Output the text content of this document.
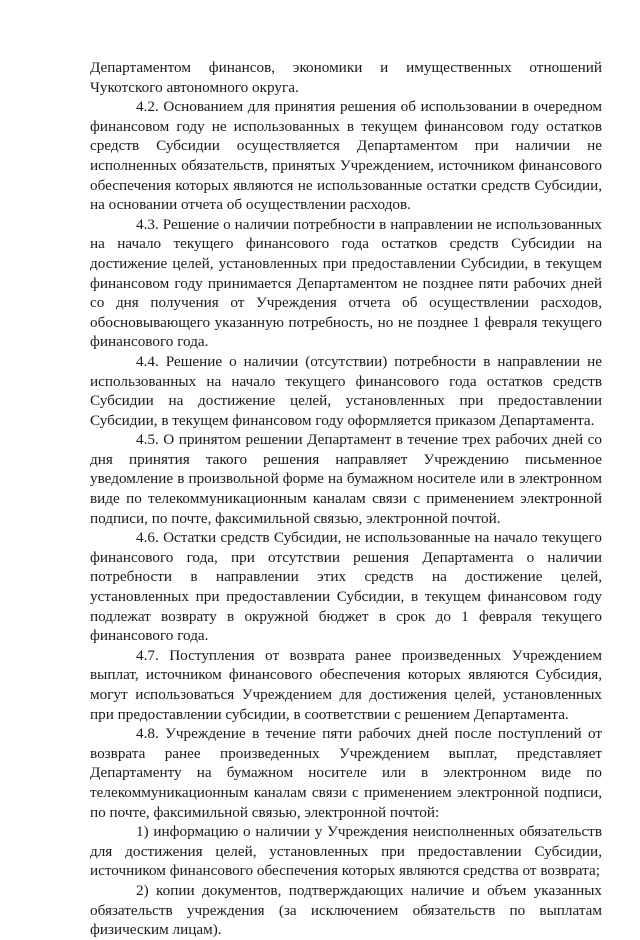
Департаментом финансов, экономики и имущественных отношений Чукотского автономного округа.

4.2. Основанием для принятия решения об использовании в очередном финансовом году не использованных в текущем финансовом году остатков средств Субсидии осуществляется Департаментом при наличии не исполненных обязательств, принятых Учреждением, источником финансового обеспечения которых являются не использованные остатки средств Субсидии, на основании отчета об осуществлении расходов.

4.3. Решение о наличии потребности в направлении не использованных на начало текущего финансового года остатков средств Субсидии на достижение целей, установленных при предоставлении Субсидии, в текущем финансовом году принимается Департаментом не позднее пяти рабочих дней со дня получения от Учреждения отчета об осуществлении расходов, обосновывающего указанную потребность, но не позднее 1 февраля текущего финансового года.

4.4. Решение о наличии (отсутствии) потребности в направлении не использованных на начало текущего финансового года остатков средств Субсидии на достижение целей, установленных при предоставлении Субсидии, в текущем финансовом году оформляется приказом Департамента.

4.5. О принятом решении Департамент в течение трех рабочих дней со дня принятия такого решения направляет Учреждению письменное уведомление в произвольной форме на бумажном носителе или в электронном виде по телекоммуникационным каналам связи с применением электронной подписи, по почте, факсимильной связью, электронной почтой.

4.6. Остатки средств Субсидии, не использованные на начало текущего финансового года, при отсутствии решения Департамента о наличии потребности в направлении этих средств на достижение целей, установленных при предоставлении Субсидии, в текущем финансовом году подлежат возврату в окружной бюджет в срок до 1 февраля текущего финансового года.

4.7. Поступления от возврата ранее произведенных Учреждением выплат, источником финансового обеспечения которых являются Субсидия, могут использоваться Учреждением для достижения целей, установленных при предоставлении субсидии, в соответствии с решением Департамента.

4.8. Учреждение в течение пяти рабочих дней после поступлений от возврата ранее произведенных Учреждением выплат, представляет Департаменту на бумажном носителе или в электронном виде по телекоммуникационным каналам связи с применением электронной подписи, по почте, факсимильной связью, электронной почтой:

1) информацию о наличии у Учреждения неисполненных обязательств для достижения целей, установленных при предоставлении Субсидии, источником финансового обеспечения которых являются средства от возврата;

2) копии документов, подтверждающих наличие и объем указанных обязательств учреждения (за исключением обязательств по выплатам физическим лицам).
